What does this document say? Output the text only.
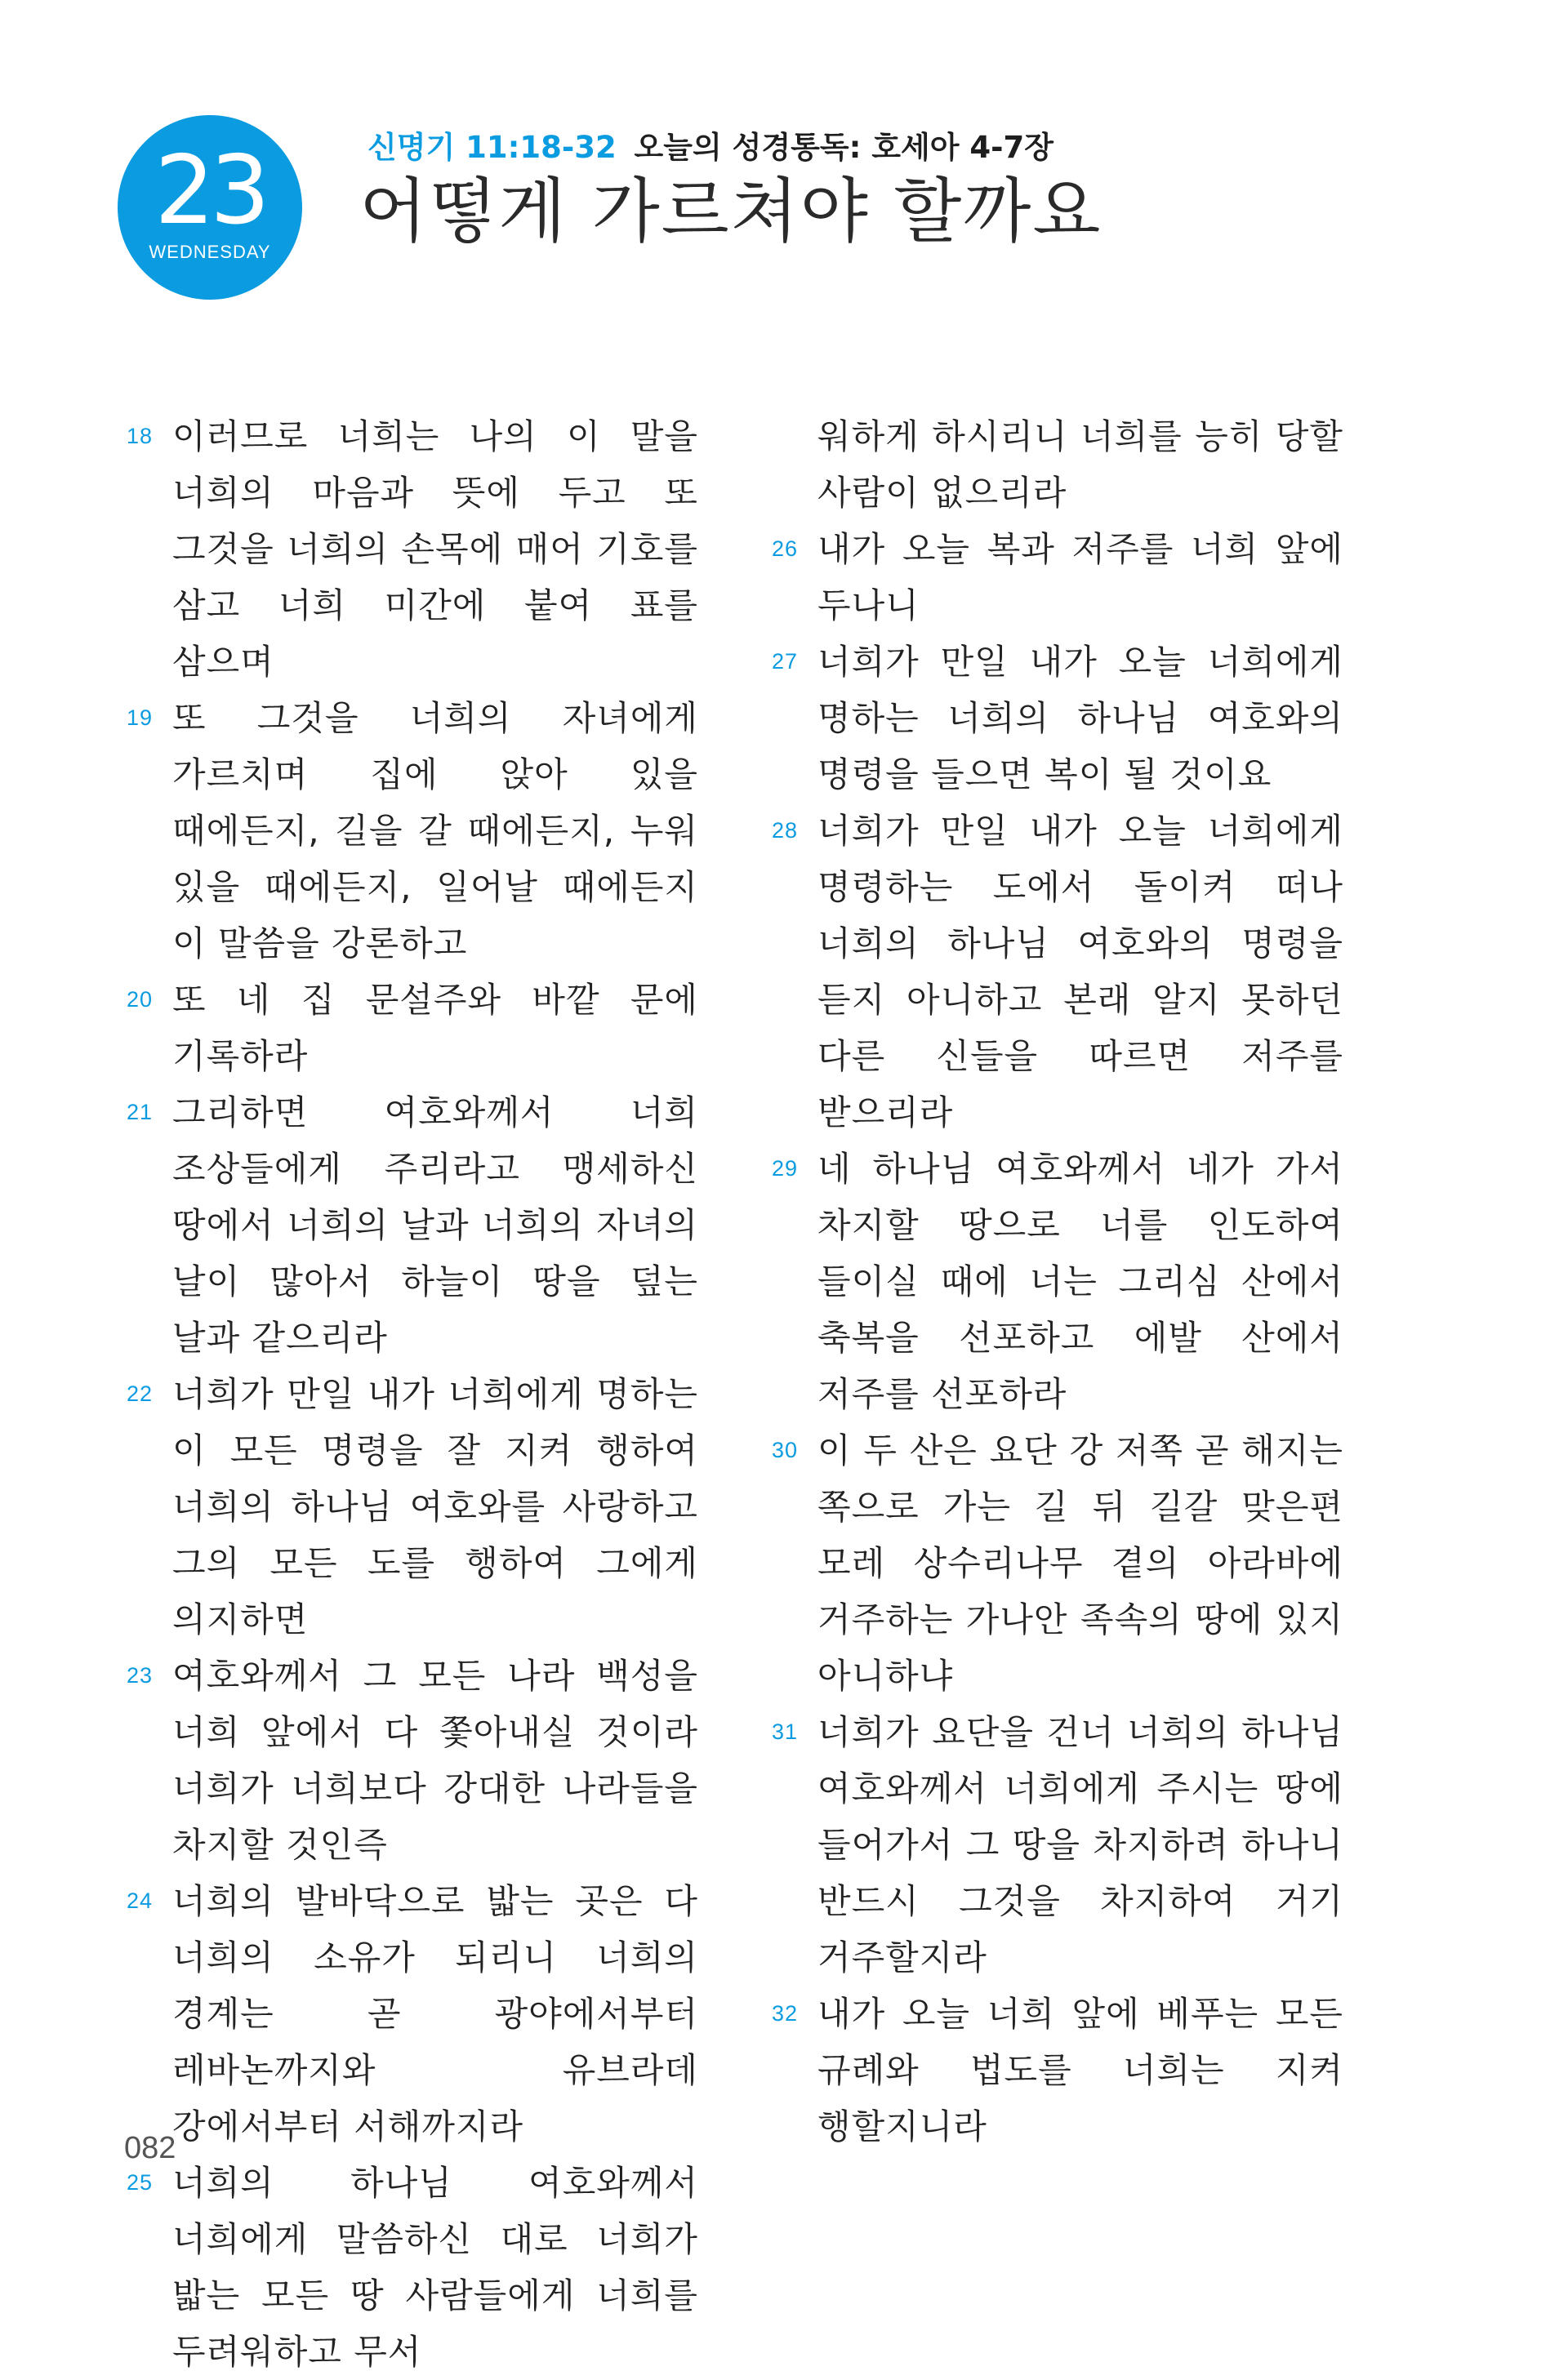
23
WEDNESDAY
신명기 11:18-32 오늘의 성경통독: 호세아 4-7장
어떻게 가르쳐야 할까요
18 이러므로 너희는 나의 이 말을 너희의 마음과 뜻에 두고 또 그것을 너희의 손목에 매어 기호를 삼고 너희 미간에 붙여 표를 삼으며
19 또 그것을 너희의 자녀에게 가르치며 집에 앉아 있을 때에든지, 길을 갈 때에든지, 누워 있을 때에든지, 일어날 때에든지 이 말씀을 강론하고
20 또 네 집 문설주와 바깥 문에 기록하라
21 그리하면 여호와께서 너희 조상들에게 주리라고 맹세하신 땅에서 너희의 날과 너희의 자녀의 날이 많아서 하늘이 땅을 덮는 날과 같으리라
22 너희가 만일 내가 너희에게 명하는 이 모든 명령을 잘 지켜 행하여 너희의 하나님 여호와를 사랑하고 그의 모든 도를 행하여 그에게 의지하면
23 여호와께서 그 모든 나라 백성을 너희 앞에서 다 쫓아내실 것이라 너희가 너희보다 강대한 나라들을 차지할 것인즉
24 너희의 발바닥으로 밟는 곳은 다 너희의 소유가 되리니 너희의 경계는 곧 광야에서부터 레바논까지와 유브라데 강에서부터 서해까지라
25 너희의 하나님 여호와께서 너희에게 말씀하신 대로 너희가 밟는 모든 땅 사람들에게 너희를 두려워하고 무서
워하게 하시리니 너희를 능히 당할 사람이 없으리라
26 내가 오늘 복과 저주를 너희 앞에 두나니
27 너희가 만일 내가 오늘 너희에게 명하는 너희의 하나님 여호와의 명령을 들으면 복이 될 것이요
28 너희가 만일 내가 오늘 너희에게 명령하는 도에서 돌이켜 떠나 너희의 하나님 여호와의 명령을 듣지 아니하고 본래 알지 못하던 다른 신들을 따르면 저주를 받으리라
29 네 하나님 여호와께서 네가 가서 차지할 땅으로 너를 인도하여 들이실 때에 너는 그리심 산에서 축복을 선포하고 에발 산에서 저주를 선포하라
30 이 두 산은 요단 강 저쪽 곧 해지는 쪽으로 가는 길 뒤 길갈 맞은편 모레 상수리나무 곁의 아라바에 거주하는 가나안 족속의 땅에 있지 아니하냐
31 너희가 요단을 건너 너희의 하나님 여호와께서 너희에게 주시는 땅에 들어가서 그 땅을 차지하려 하나니 반드시 그것을 차지하여 거기 거주할지라
32 내가 오늘 너희 앞에 베푸는 모든 규례와 법도를 너희는 지켜 행할지니라
082
